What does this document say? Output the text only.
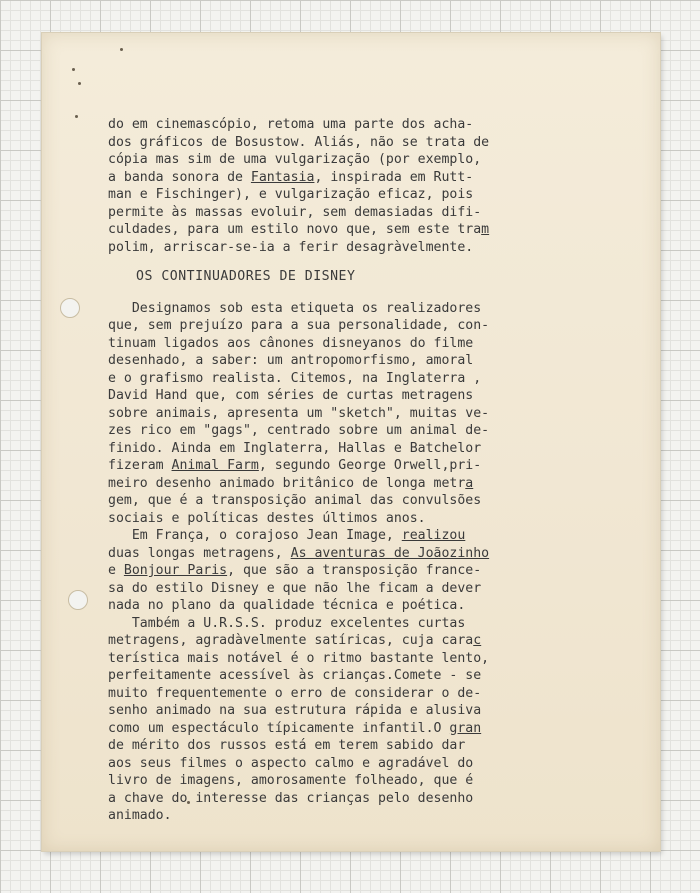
do em cinemascópio, retoma uma parte dos acha-
dos gráficos de Bosustow. Aliás, não se trata de
cópia mas sim de uma vulgarização (por exemplo,
a banda sonora de Fantasia, inspirada em Rutt-
man e Fischinger), e vulgarização eficaz, pois
permite às massas evoluir, sem demasiadas difi-
culdades, para um estilo novo que, sem este tram
polim, arriscar-se-ia a ferir desagràvelmente.
OS CONTINUADORES DE DISNEY
Designamos sob esta etiqueta os realizadores
que, sem prejuízo para a sua personalidade, con-
tinuam ligados aos cânones disneyanos do filme
desenhado, a saber: um antropomorfismo, amoral
e o grafismo realista. Citemos, na Inglaterra ,
David Hand que, com séries de curtas metragens
sobre animais, apresenta um "sketch", muitas ve-
zes rico em "gags", centrado sobre um animal de-
finido. Ainda em Inglaterra, Hallas e Batchelor
fizeram Animal Farm, segundo George Orwell,pri-
meiro desenho animado britânico de longa metra
gem, que é a transposição animal das convulsões
sociais e políticas destes últimos anos.
Em França, o corajoso Jean Image, realizou
duas longas metragens, As aventuras de Joãozinho
e Bonjour Paris, que são a transposição france-
sa do estilo Disney e que não lhe ficam a dever
nada no plano da qualidade técnica e poética.
Também a U.R.S.S. produz excelentes curtas
metragens, agradàvelmente satíricas, cuja carac
terística mais notável é o ritmo bastante lento,
perfeitamente acessível às crianças.Comete - se
muito frequentemente o erro de considerar o de-
senho animado na sua estrutura rápida e alusiva
como um espectáculo típicamente infantil.O gran
de mérito dos russos está em terem sabido dar
aos seus filmes o aspecto calmo e agradável do
livro de imagens, amorosamente folheado, que é
a chave do interesse das crianças pelo desenho
animado.
